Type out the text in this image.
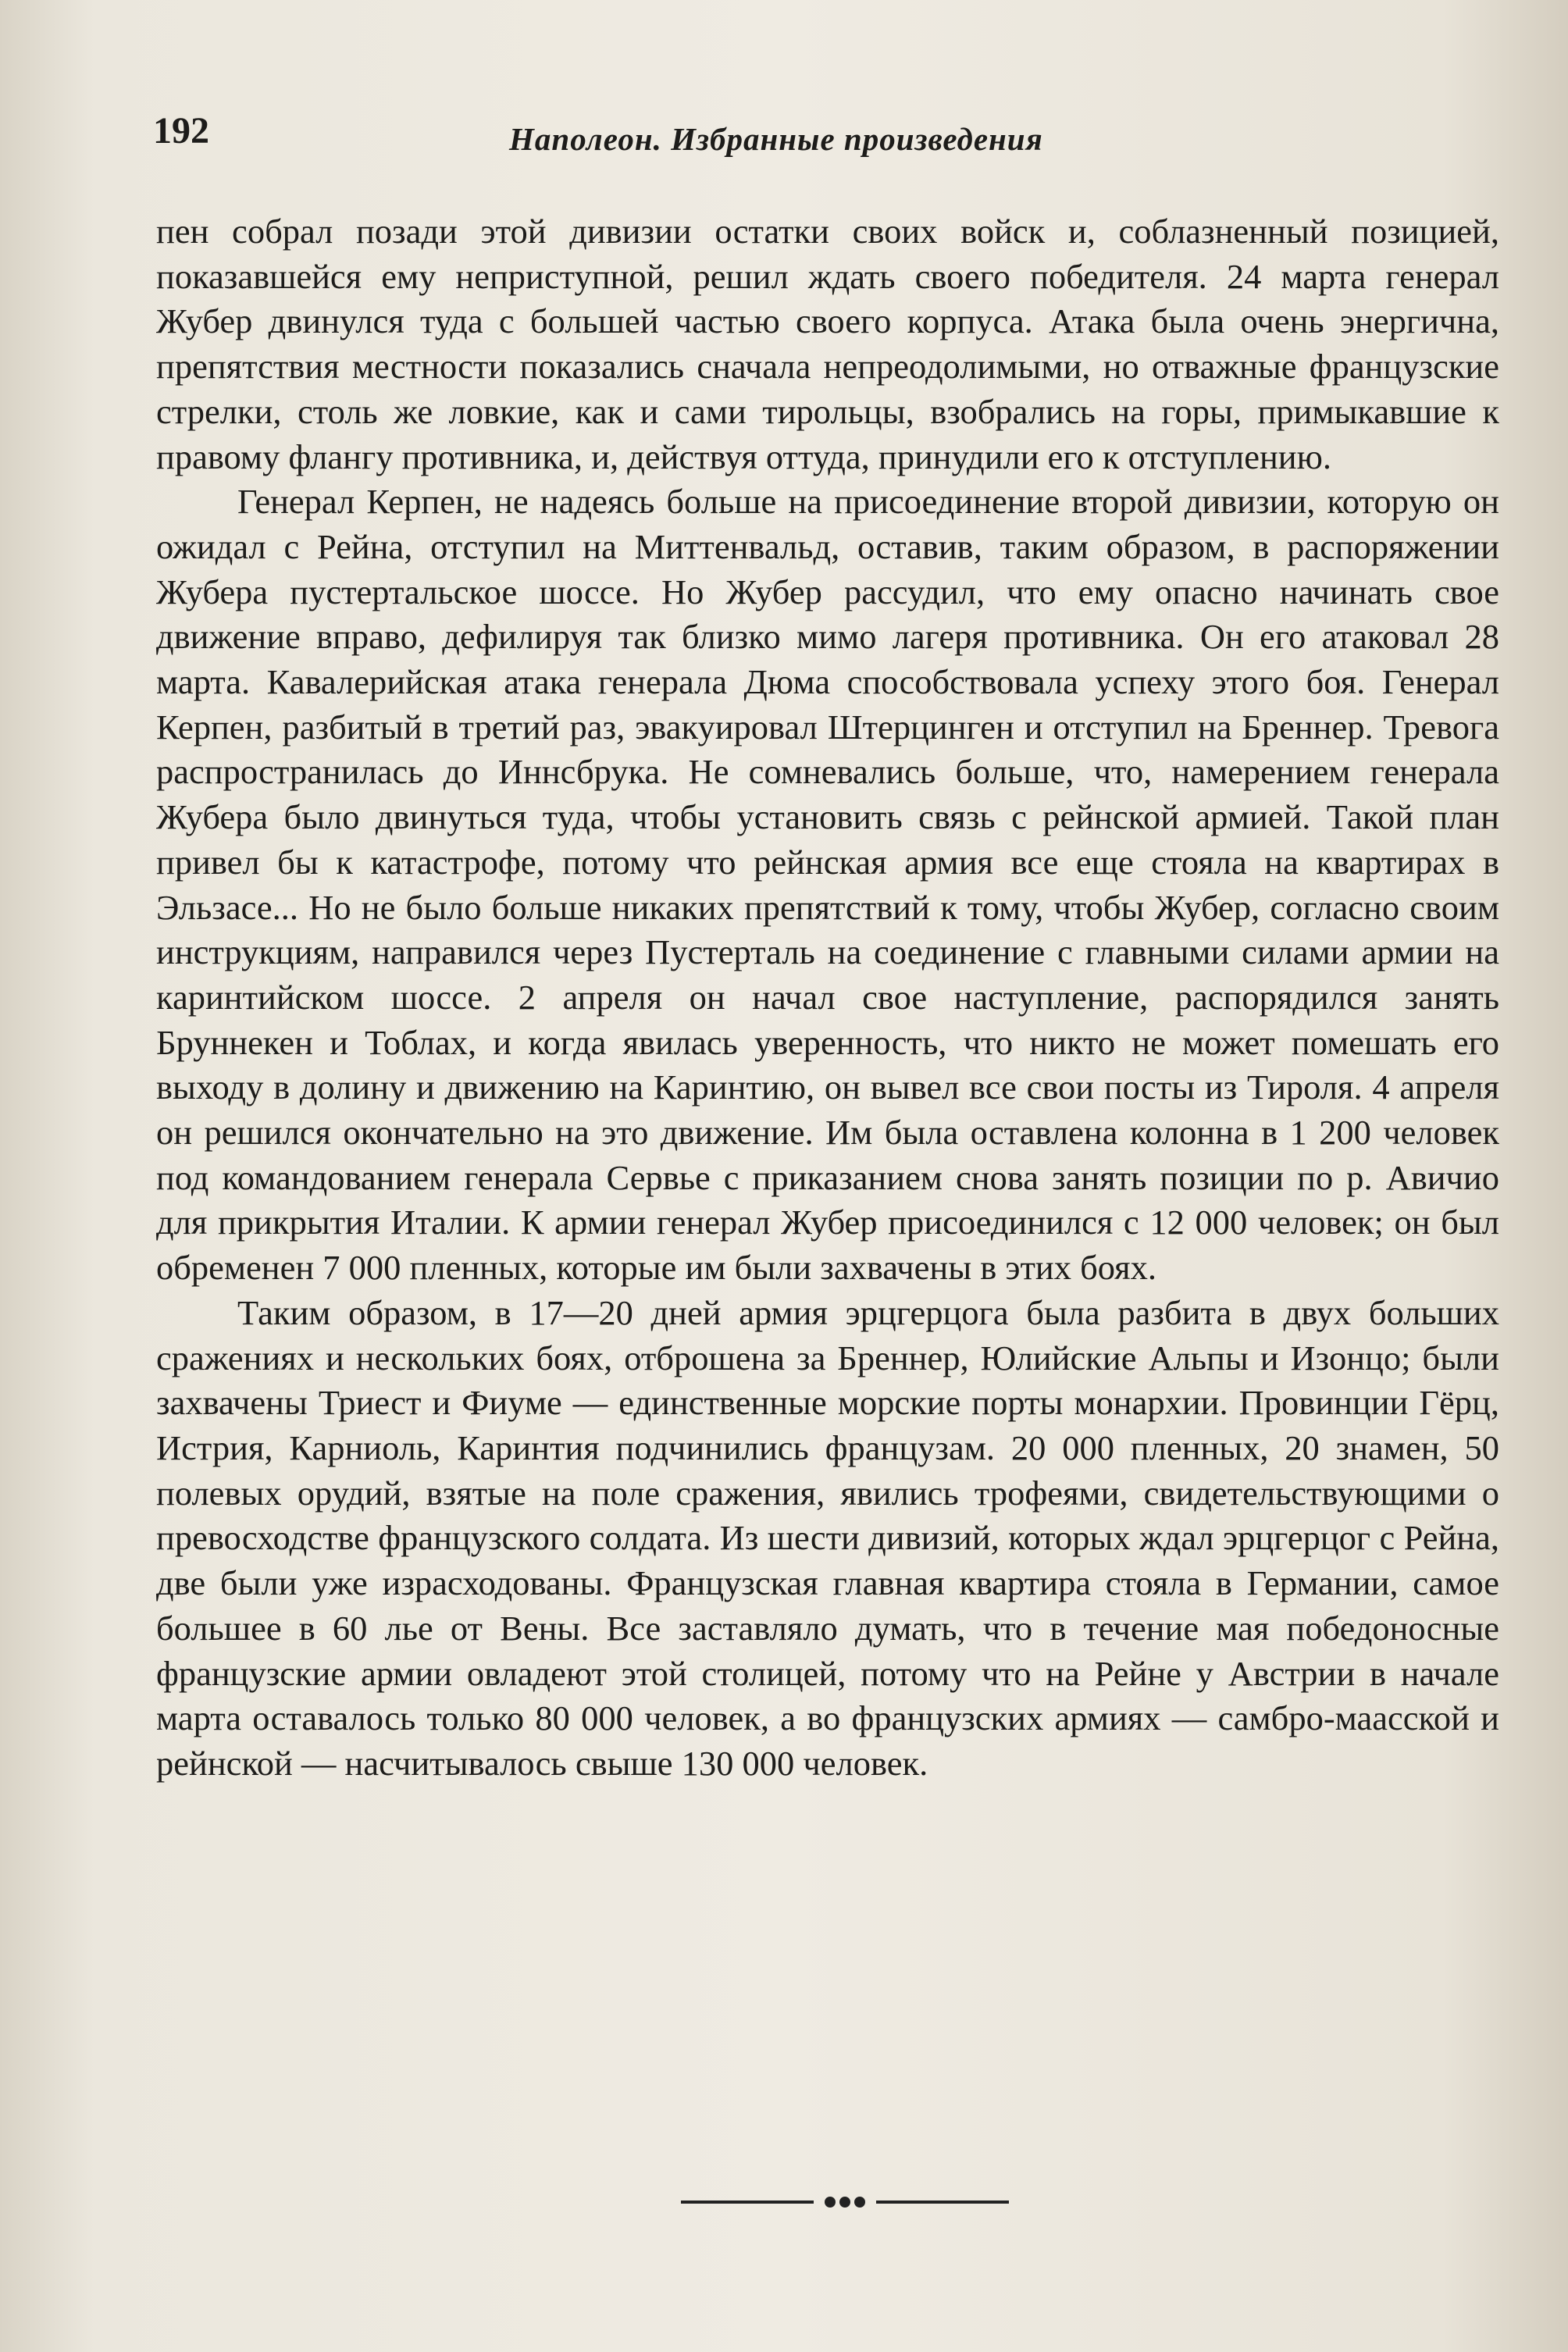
192	Наполеон. Избранные произведения

пен собрал позади этой дивизии остатки своих войск и, соблазненный позицией, показавшейся ему неприступной, решил ждать своего победителя. 24 марта генерал Жубер двинулся туда с большей частью своего корпуса. Атака была очень энергична, препятствия местности показались сначала непреодолимыми, но отважные французские стрелки, столь же ловкие, как и сами тирольцы, взобрались на горы, примыкавшие к правому флангу противника, и, действуя оттуда, принудили его к отступлению.

Генерал Керпен, не надеясь больше на присоединение второй дивизии, которую он ожидал с Рейна, отступил на Миттенвальд, оставив, таким образом, в распоряжении Жубера пустертальское шоссе. Но Жубер рассудил, что ему опасно начинать свое движение вправо, дефилируя так близко мимо лагеря противника. Он его атаковал 28 марта. Кавалерийская атака генерала Дюма способствовала успеху этого боя. Генерал Керпен, разбитый в третий раз, эвакуировал Штерцинген и отступил на Бреннер. Тревога распространилась до Иннсбрука. Не сомневались больше, что, намерением генерала Жубера было двинуться туда, чтобы установить связь с рейнской армией. Такой план привел бы к катастрофе, потому что рейнская армия все еще стояла на квартирах в Эльзасе... Но не было больше никаких препятствий к тому, чтобы Жубер, согласно своим инструкциям, направился через Пустерталь на соединение с главными силами армии на каринтийском шоссе. 2 апреля он начал свое наступление, распорядился занять Бруннекен и Тоблах, и когда явилась уверенность, что никто не может помешать его выходу в долину и движению на Каринтию, он вывел все свои посты из Тироля. 4 апреля он решился окончательно на это движение. Им была оставлена колонна в 1 200 человек под командованием генерала Сервье с приказанием снова занять позиции по р. Авичио для прикрытия Италии. К армии генерал Жубер присоединился с 12 000 человек; он был обременен 7 000 пленных, которые им были захвачены в этих боях.

Таким образом, в 17—20 дней армия эрцгерцога была разбита в двух больших сражениях и нескольких боях, отброшена за Бреннер, Юлийские Альпы и Изонцо; были захвачены Триест и Фиуме — единственные морские порты монархии. Провинции Гёрц, Истрия, Карниоль, Каринтия подчинились французам. 20 000 пленных, 20 знамен, 50 полевых орудий, взятые на поле сражения, явились трофеями, свидетельствующими о превосходстве французского солдата. Из шести дивизий, которых ждал эрцгерцог с Рейна, две были уже израсходованы. Французская главная квартира стояла в Германии, самое большее в 60 лье от Вены. Все заставляло думать, что в течение мая победоносные французские армии овладеют этой столицей, потому что на Рейне у Австрии в начале марта оставалось только 80 000 человек, а во французских армиях — самбро-маасской и рейнской — насчитывалось свыше 130 000 человек.
